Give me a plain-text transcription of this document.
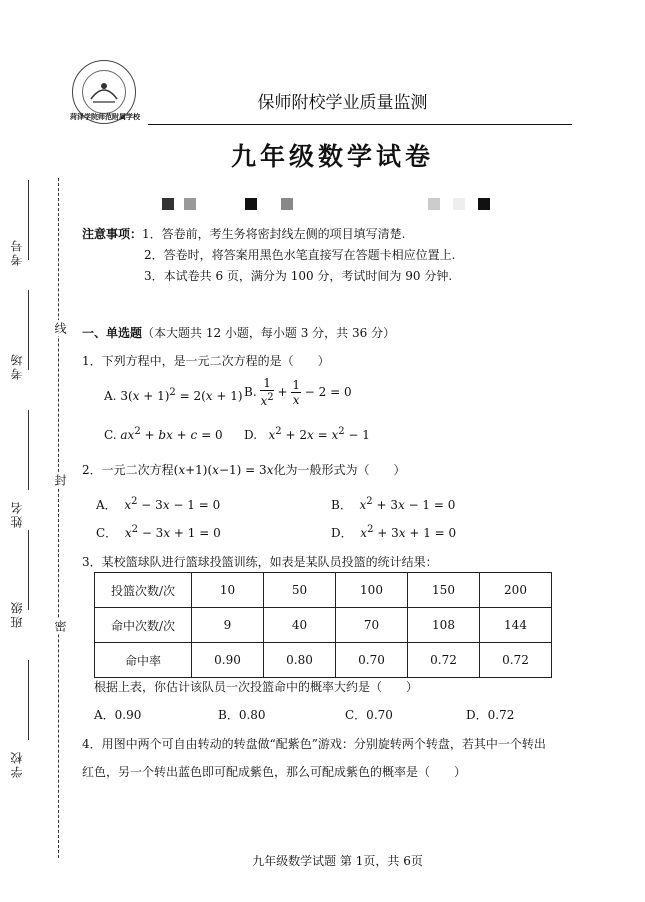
考号
线
考场
封
姓名
班级 密
学校
菏泽学院师范附属学校
保师附校学业质量监测
九年级数学试卷
注意事项：1．答卷前，考生务将密封线左侧的项目填写清楚.
2．答卷时，将答案用黑色水笔直接写在答题卡相应位置上.
3．本试卷共 6 页，满分为 100 分，考试时间为 90 分钟.
一、单选题（本大题共 12 小题，每小题 3 分，共 36 分）
1．下列方程中，是一元二次方程的是（　　）
A. $3(x + 1)^2 = 2(x + 1)$ B. $\frac{1}{x^2} + \frac{1}{x} - 2 = 0$
C. $ax^2$ + bx + c = 0 D. $x^2 + 2x = x^2 - 1$
2．一元二次方程(x+1)(x−1) = 3x化为一般形式为（　　）
A． $x^2 - 3x - 1 = 0$	B． $x^2 + 3x - 1 = 0$
C． $x^2 - 3x + 1 = 0$	D． $x^2 + 3x + 1 = 0$
3．某校篮球队进行篮球投篮训练，如表是某队员投篮的统计结果：
投篮次数/次	10	50	100	150	200
命中次数/次	9	40	70	108	144
命中率	0.90	0.80	0.70	0.72	0.72
根据上表，你估计该队员一次投篮命中的概率大约是（　　）
A．0.90	B．0.80	C．0.70	D．0.72
4．用图中两个可自由转动的转盘做“配紫色”游戏：分别旋转两个转盘，若其中一个转出
红色，另一个转出蓝色即可配成紫色，那么可配成紫色的概率是（　　）
九年级数学试题 第 1页，共 6页
